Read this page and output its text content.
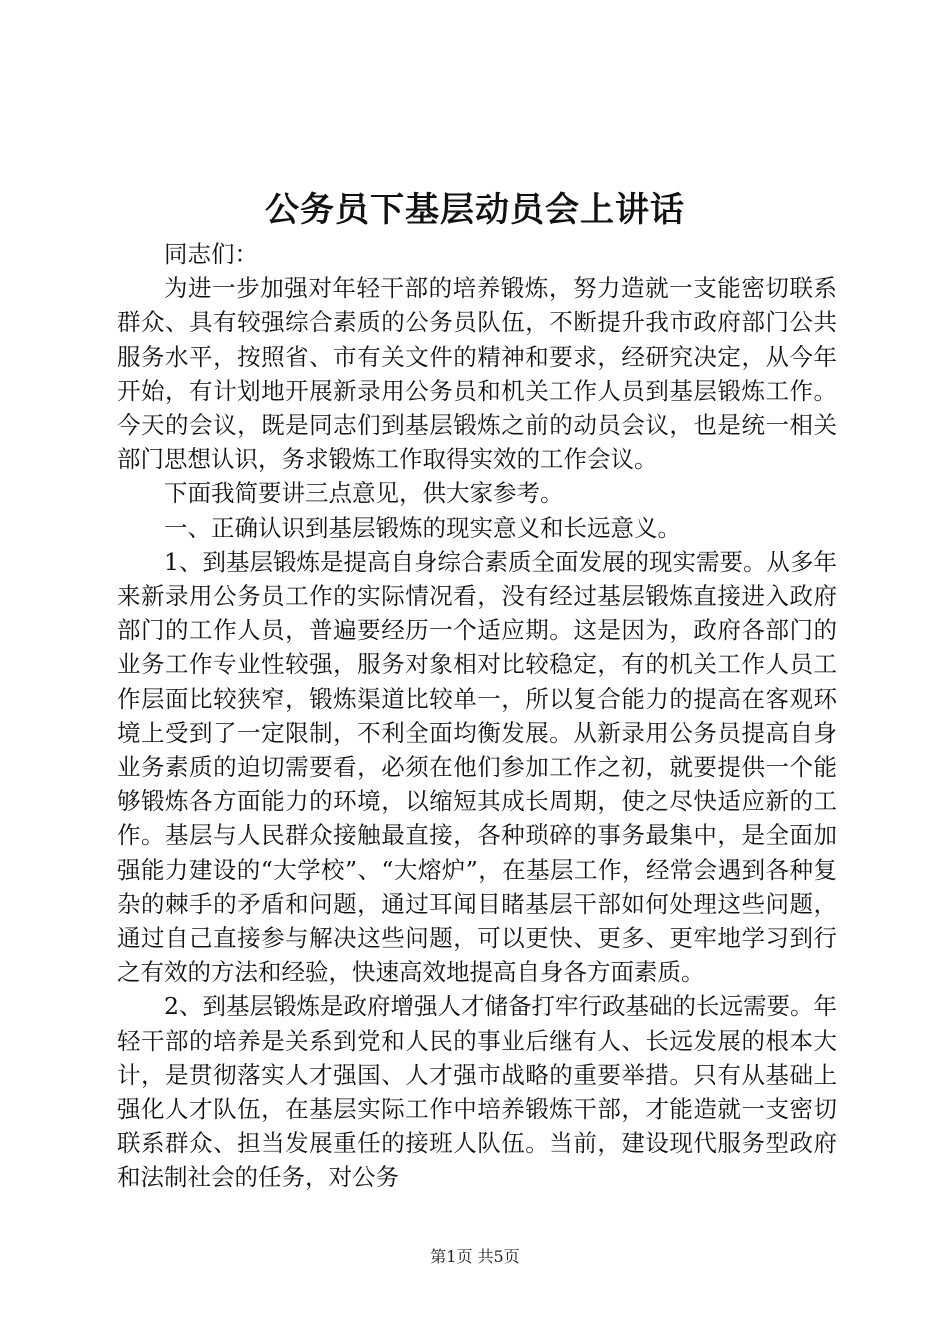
公务员下基层动员会上讲话

同志们：

为进一步加强对年轻干部的培养锻炼，努力造就一支能密切联系群众、具有较强综合素质的公务员队伍，不断提升我市政府部门公共服务水平，按照省、市有关文件的精神和要求，经研究决定，从今年开始，有计划地开展新录用公务员和机关工作人员到基层锻炼工作。今天的会议，既是同志们到基层锻炼之前的动员会议，也是统一相关部门思想认识，务求锻炼工作取得实效的工作会议。

下面我简要讲三点意见，供大家参考。

一、正确认识到基层锻炼的现实意义和长远意义。

1、到基层锻炼是提高自身综合素质全面发展的现实需要。从多年来新录用公务员工作的实际情况看，没有经过基层锻炼直接进入政府部门的工作人员，普遍要经历一个适应期。这是因为，政府各部门的业务工作专业性较强，服务对象相对比较稳定，有的机关工作人员工作层面比较狭窄，锻炼渠道比较单一，所以复合能力的提高在客观环境上受到了一定限制，不利全面均衡发展。从新录用公务员提高自身业务素质的迫切需要看，必须在他们参加工作之初，就要提供一个能够锻炼各方面能力的环境，以缩短其成长周期，使之尽快适应新的工作。基层与人民群众接触最直接，各种琐碎的事务最集中，是全面加强能力建设的“大学校”、“大熔炉”，在基层工作，经常会遇到各种复杂的棘手的矛盾和问题，通过耳闻目睹基层干部如何处理这些问题，通过自己直接参与解决这些问题，可以更快、更多、更牢地学习到行之有效的方法和经验，快速高效地提高自身各方面素质。

2、到基层锻炼是政府增强人才储备打牢行政基础的长远需要。年轻干部的培养是关系到党和人民的事业后继有人、长远发展的根本大计，是贯彻落实人才强国、人才强市战略的重要举措。只有从基础上强化人才队伍，在基层实际工作中培养锻炼干部，才能造就一支密切联系群众、担当发展重任的接班人队伍。当前，建设现代服务型政府和法制社会的任务，对公务

第1页 共5页
